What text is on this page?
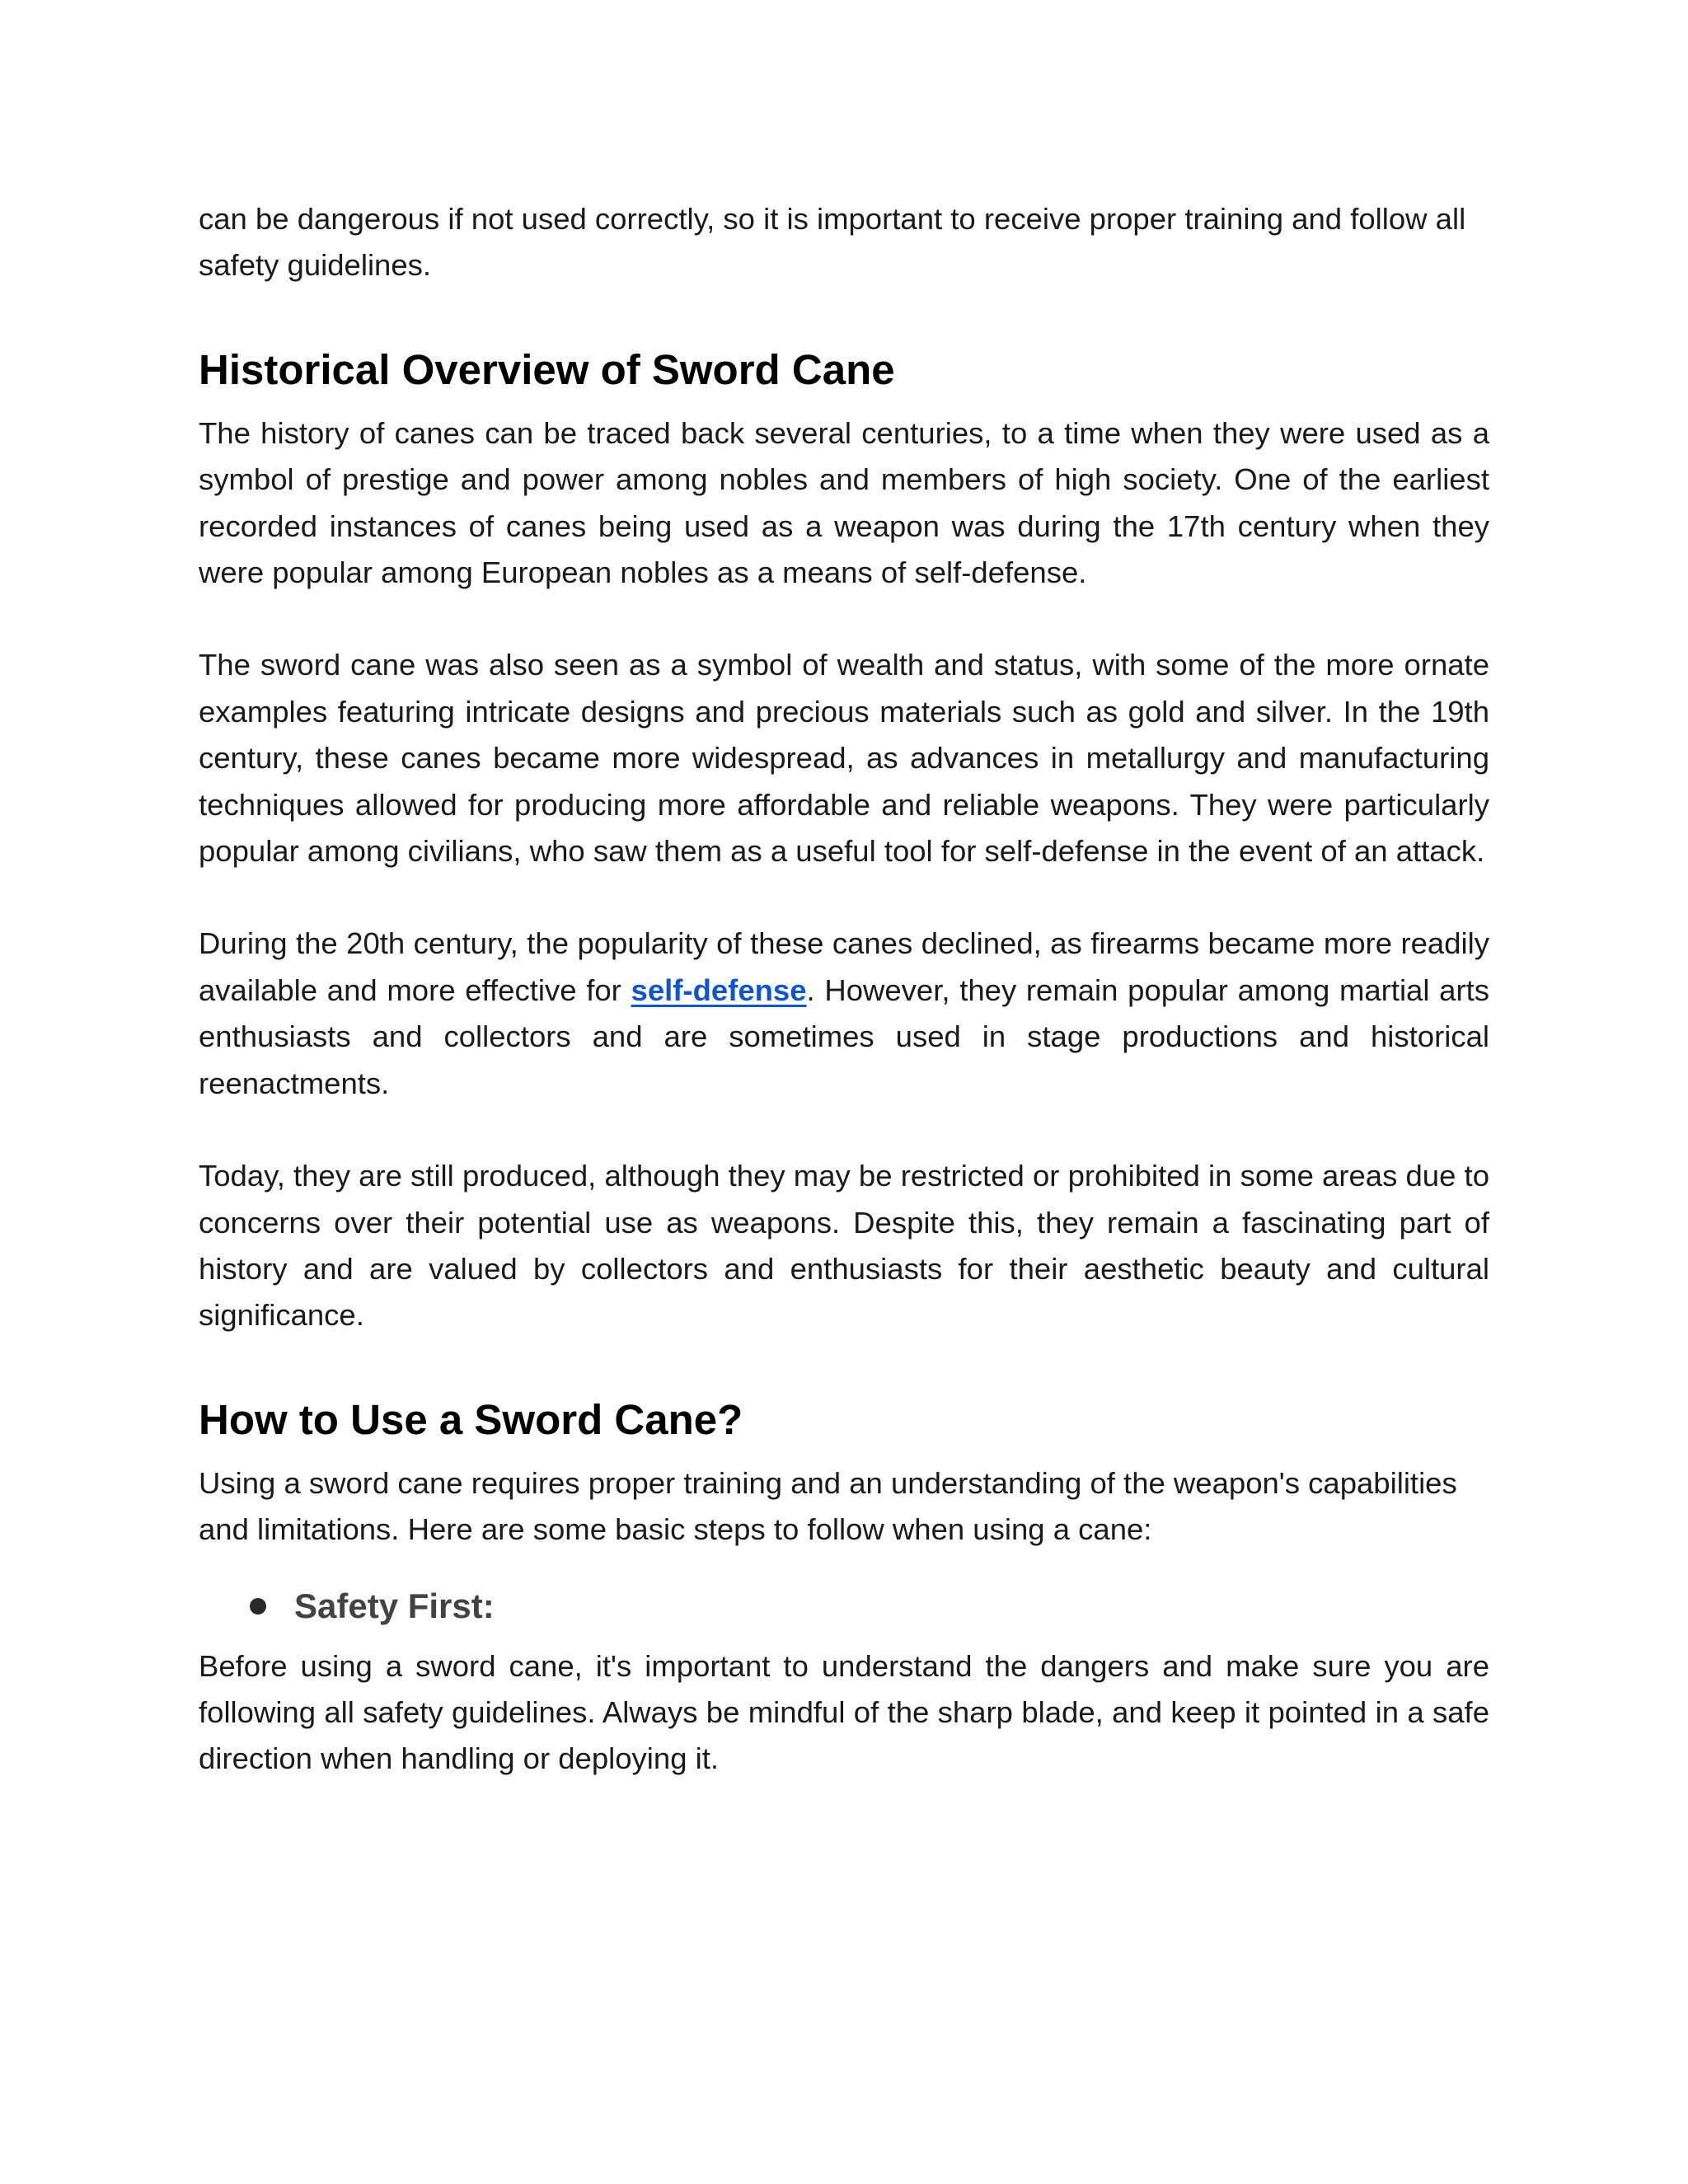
can be dangerous if not used correctly, so it is important to receive proper training and follow all safety guidelines.

Historical Overview of Sword Cane

The history of canes can be traced back several centuries, to a time when they were used as a symbol of prestige and power among nobles and members of high society. One of the earliest recorded instances of canes being used as a weapon was during the 17th century when they were popular among European nobles as a means of self-defense.

The sword cane was also seen as a symbol of wealth and status, with some of the more ornate examples featuring intricate designs and precious materials such as gold and silver. In the 19th century, these canes became more widespread, as advances in metallurgy and manufacturing techniques allowed for producing more affordable and reliable weapons. They were particularly popular among civilians, who saw them as a useful tool for self-defense in the event of an attack.

During the 20th century, the popularity of these canes declined, as firearms became more readily available and more effective for self-defense. However, they remain popular among martial arts enthusiasts and collectors and are sometimes used in stage productions and historical reenactments.

Today, they are still produced, although they may be restricted or prohibited in some areas due to concerns over their potential use as weapons. Despite this, they remain a fascinating part of history and are valued by collectors and enthusiasts for their aesthetic beauty and cultural significance.

How to Use a Sword Cane?

Using a sword cane requires proper training and an understanding of the weapon's capabilities and limitations. Here are some basic steps to follow when using a cane:

Safety First:

Before using a sword cane, it's important to understand the dangers and make sure you are following all safety guidelines. Always be mindful of the sharp blade, and keep it pointed in a safe direction when handling or deploying it.
